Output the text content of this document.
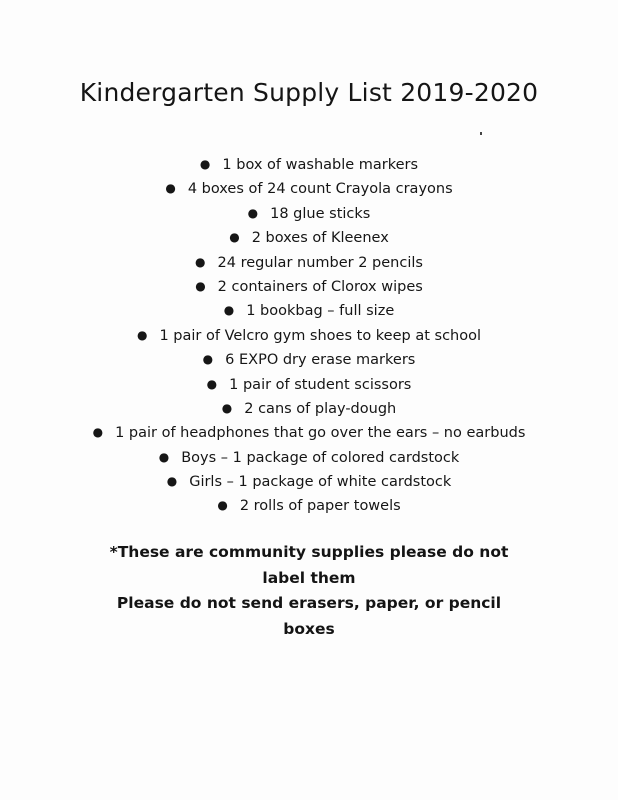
Kindergarten Supply List 2019-2020
● 1 box of washable markers
● 4 boxes of 24 count Crayola crayons
● 18 glue sticks
● 2 boxes of Kleenex
● 24 regular number 2 pencils
● 2 containers of Clorox wipes
● 1 bookbag – full size
● 1 pair of Velcro gym shoes to keep at school
● 6 EXPO dry erase markers
● 1 pair of student scissors
● 2 cans of play-dough
● 1 pair of headphones that go over the ears – no earbuds
● Boys – 1 package of colored cardstock
● Girls – 1 package of white cardstock
● 2 rolls of paper towels

*These are community supplies please do not

label them

Please do not send erasers, paper, or pencil

boxes
